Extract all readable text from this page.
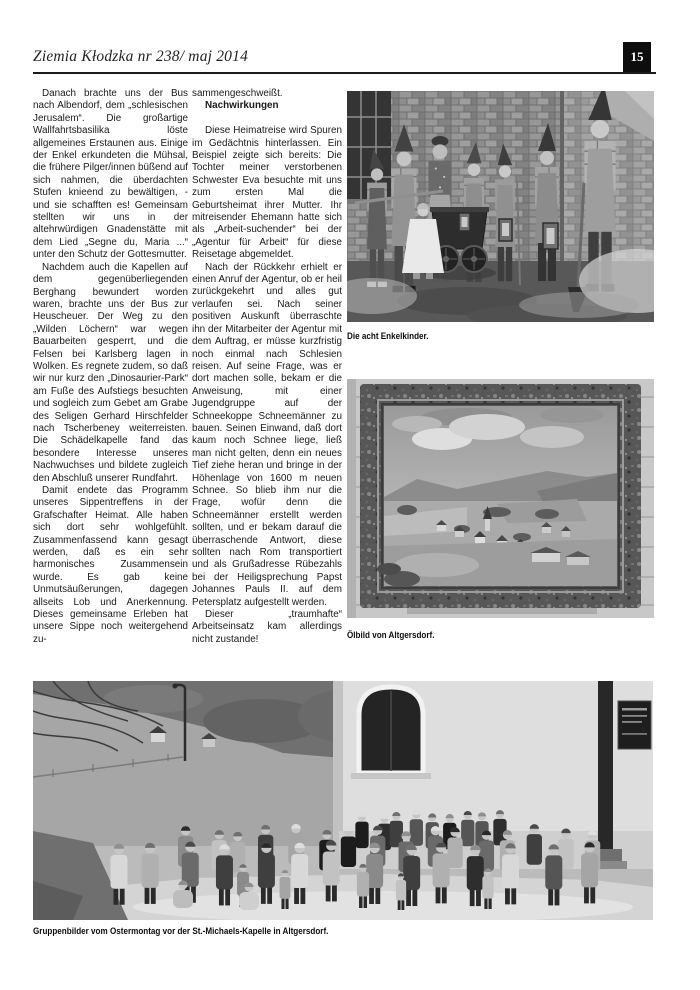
Ziemia Kłodzka nr 238/ maj 2014	15

Danach brachte uns der Bus nach Albendorf, dem „schlesischen Jerusalem“. Die großartige Wallfahrtsbasilika löste allgemeines Erstaunen aus. Einige der Enkel erkundeten die Mühsal, die frühere Pilger/innen büßend auf sich nahmen, die überdachten Stufen knieend zu bewältigen, - und sie schafften es! Gemeinsam stellten wir uns in der altehrwürdigen Gnadenstätte mit dem Lied „Segne du, Maria ...“ unter den Schutz der Gottesmutter.

Nachdem auch die Kapellen auf dem gegenüberliegenden Berghang bewundert worden waren, brachte uns der Bus zur Heuscheuer. Der Weg zu den „Wilden Löchern“ war wegen Bauarbeiten gesperrt, und die Felsen bei Karlsberg lagen in Wolken. Es regnete zudem, so daß wir nur kurz den „Dinosaurier-Park“ am Fuße des Aufstiegs besuchten und sogleich zum Gebet am Grabe des Seligen Gerhard Hirschfelder nach Tscherbeney weiterreisten. Die Schädelkapelle fand das besondere Interesse unseres Nachwuchses und bildete zugleich den Abschluß unserer Rundfahrt.

Damit endete das Programm unseres Sippentreffens in der Grafschafter Heimat. Alle haben sich dort sehr wohlgefühlt. Zusammenfassend kann gesagt werden, daß es ein sehr harmonisches Zusammensein wurde. Es gab keine Unmutsäußerungen, dagegen allseits Lob und Anerkennung. Dieses gemeinsame Erleben hat unsere Sippe noch weitergehend zu-

sammengeschweißt.

Nachwirkungen

Diese Heimatreise wird Spuren im Gedächtnis hinterlassen. Ein Beispiel zeigte sich bereits: Die Tochter meiner verstorbenen Schwester Eva besuchte mit uns zum ersten Mal die Geburtsheimat ihrer Mutter. Ihr mitreisender Ehemann hatte sich als „Arbeit-suchender“ bei der „Agentur für Arbeit“ für diese Reisetage abgemeldet.

Nach der Rückkehr erhielt er einen Anruf der Agentur, ob er heil zurückgekehrt und alles gut verlaufen sei. Nach seiner positiven Auskunft überraschte ihn der Mitarbeiter der Agentur mit dem Auftrag, er müsse kurzfristig noch einmal nach Schlesien reisen. Auf seine Frage, was er dort machen solle, bekam er die Anweisung, mit einer Jugendgruppe auf der Schneekoppe Schneemänner zu bauen. Seinen Einwand, daß dort kaum noch Schnee liege, ließ man nicht gelten, denn ein neues Tief ziehe heran und bringe in der Höhenlage von 1600 m neuen Schnee. So blieb ihm nur die Frage, wofür denn die Schneemänner erstellt werden sollten, und er bekam darauf die überraschende Antwort, diese sollten nach Rom transportiert und als Grußadresse Rübezahls bei der Heiligsprechung Papst Johannes Pauls II. auf dem Petersplatz aufgestellt werden.

Dieser „traumhafte“ Arbeitseinsatz kam allerdings nicht zustande!

Die acht Enkelkinder.
Ölbild von Altgersdorf.
Gruppenbilder vom Ostermontag vor der St.-Michaels-Kapelle in Altgersdorf.
